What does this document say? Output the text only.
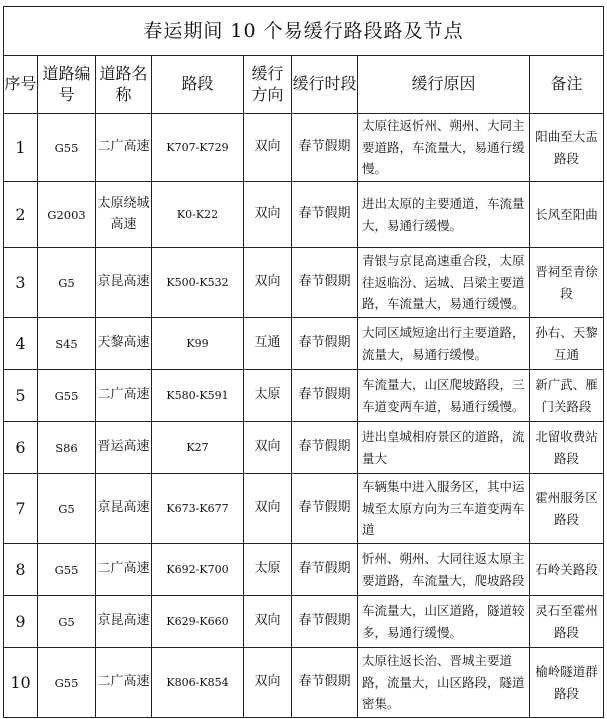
春运期间 10 个易缓行路段路及节点							
序号	道路编号	道路名称	路段	缓行方向	缓行时段	缓行原因	备注
1	G55	二广高速	K707-K729	双向	春节假期	太原往返忻州、朔州、大同主要道路，车流量大，易通行缓慢。	阳曲至大盂路段
2	G2003	太原绕城高速	K0-K22	双向	春节假期	进出太原的主要通道，车流量大，易通行缓慢。	长风至阳曲
3	G5	京昆高速	K500-K532	双向	春节假期	青银与京昆高速重合段，太原往返临汾、运城、吕梁主要道路，车流量大，易通行缓慢。	晋祠至青徐段
4	S45	天黎高速	K99	互通	春节假期	大同区域短途出行主要道路，流量大，易通行缓慢。	孙右、天黎互通
5	G55	二广高速	K580-K591	太原	春节假期	车流量大，山区爬坡路段，三车道变两车道，易通行缓慢。	新广武、雁门关路段
6	S86	晋运高速	K27	双向	春节假期	进出皇城相府景区的道路，流量大	北留收费站路段
7	G5	京昆高速	K673-K677	双向	春节假期	车辆集中进入服务区，其中运城至太原方向为三车道变两车道	霍州服务区路段
8	G55	二广高速	K692-K700	太原	春节假期	忻州、朔州、大同往返太原主要道路，车流量大，爬坡路段	石岭关路段
9	G5	京昆高速	K629-K660	双向	春节假期	车流量大，山区道路，隧道较多，易通行缓慢。	灵石至霍州路段
10	G55	二广高速	K806-K854	双向	春节假期	太原往返长治、晋城主要道路，流量大，山区路段，隧道密集。	榆岭隧道群路段
